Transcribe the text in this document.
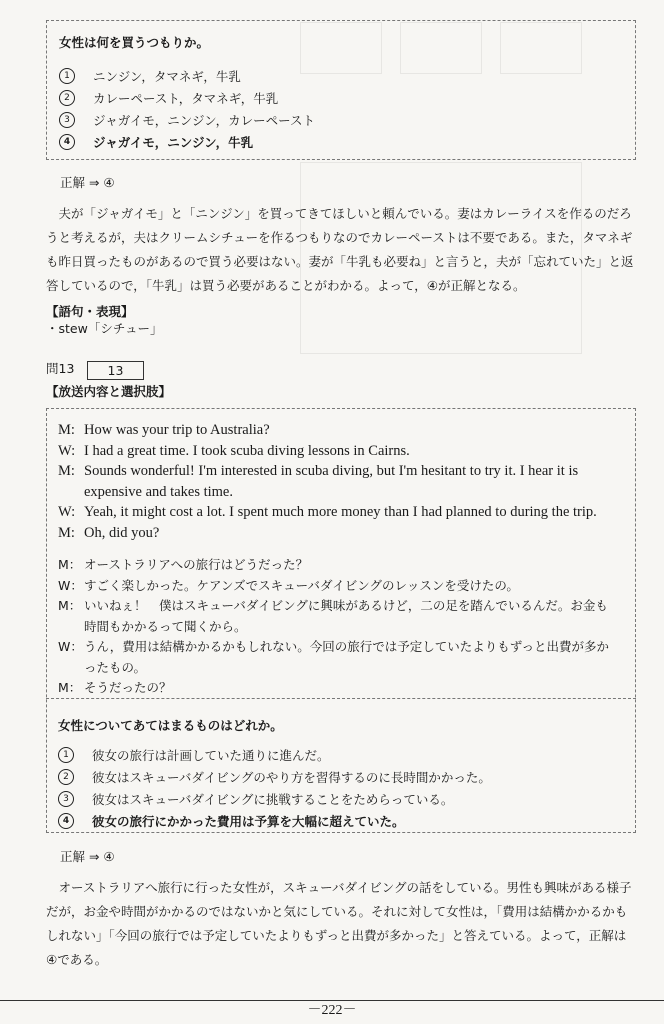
女性は何を買うつもりか。
1	ニンジン，タマネギ，牛乳
2	カレーペースト，タマネギ，牛乳
3	ジャガイモ，ニンジン，カレーペースト
4	ジャガイモ，ニンジン，牛乳
正解 ⇒ ④
夫が「ジャガイモ」と「ニンジン」を買ってきてほしいと頼んでいる。妻はカレーライスを作るのだろうと考えるが，夫はクリームシチューを作るつもりなのでカレーペーストは不要である。また，タマネギも昨日買ったものがあるので買う必要はない。妻が「牛乳も必要ね」と言うと，夫が「忘れていた」と返答しているので，「牛乳」は買う必要があることがわかる。よって，④が正解となる。
【語句・表現】
・stew「シチュー」
問13	13
【放送内容と選択肢】
M: How was your trip to Australia?
W: I had a great time. I took scuba diving lessons in Cairns.
M: Sounds wonderful! I'm interested in scuba diving, but I'm hesitant to try it. I hear it is expensive and takes time.
W: Yeah, it might cost a lot. I spent much more money than I had planned to during the trip.
M: Oh, did you?
M： オーストラリアへの旅行はどうだった？
W： すごく楽しかった。ケアンズでスキューバダイビングのレッスンを受けたの。
M： いいねぇ！　僕はスキューバダイビングに興味があるけど，二の足を踏んでいるんだ。お金も時間もかかるって聞くから。
W： うん，費用は結構かかるかもしれない。今回の旅行では予定していたよりもずっと出費が多かったもの。
M： そうだったの？
女性についてあてはまるものはどれか。
1	彼女の旅行は計画していた通りに進んだ。
2	彼女はスキューバダイビングのやり方を習得するのに長時間かかった。
3	彼女はスキューバダイビングに挑戦することをためらっている。
4	彼女の旅行にかかった費用は予算を大幅に超えていた。
正解 ⇒ ④
オーストラリアへ旅行に行った女性が，スキューバダイビングの話をしている。男性も興味がある様子だが，お金や時間がかかるのではないかと気にしている。それに対して女性は，「費用は結構かかるかもしれない」「今回の旅行では予定していたよりもずっと出費が多かった」と答えている。よって，正解は④である。
－222－
